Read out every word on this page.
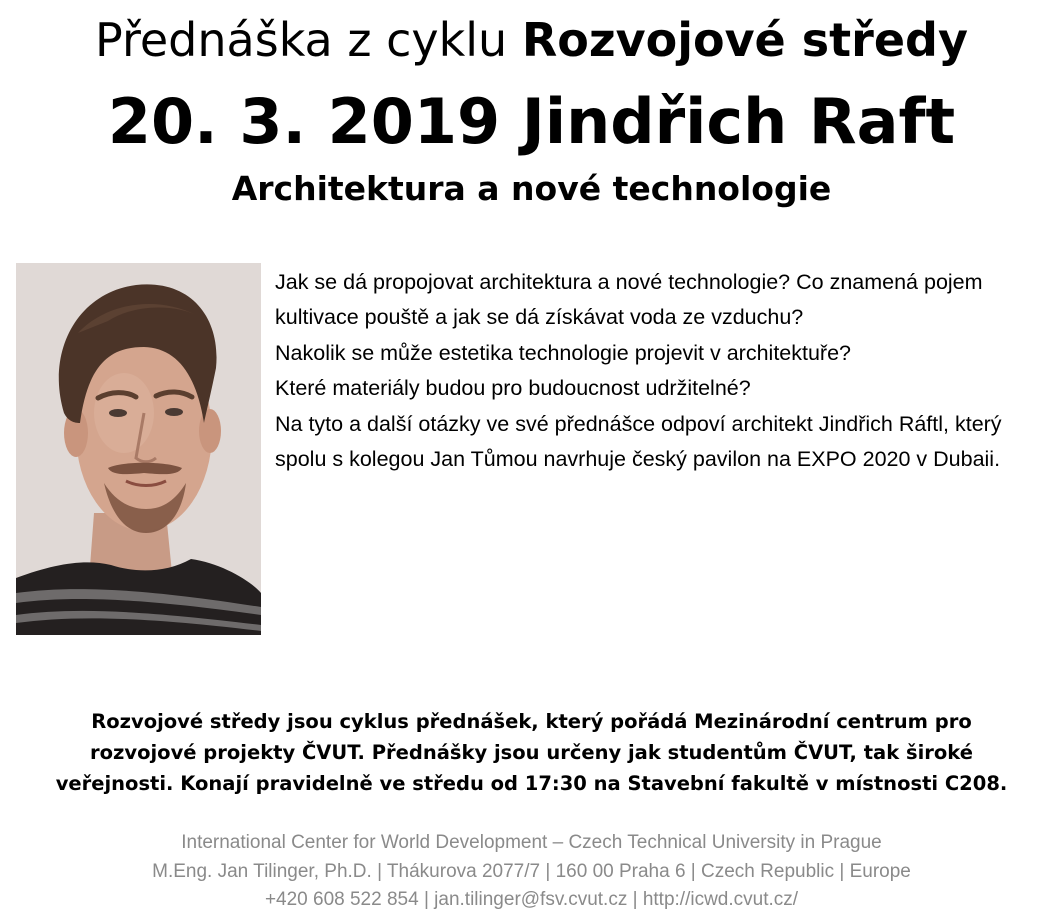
Přednáška z cyklu Rozvojové středy
20. 3. 2019 Jindřich Raft
Architektura a nové technologie

Jak se dá propojovat architektura a nové technologie? Co znamená pojem kultivace pouště a jak se dá získávat voda ze vzduchu?

Nakolik se může estetika technologie projevit v architektuře?

Které materiály budou pro budoucnost udržitelné?

Na tyto a další otázky ve své přednášce odpoví architekt Jindřich Ráftl, který spolu s kolegou Jan Tůmou navrhuje český pavilon na EXPO 2020 v Dubaii.

Rozvojové středy jsou cyklus přednášek, který pořádá Mezinárodní centrum pro

rozvojové projekty ČVUT. Přednášky jsou určeny jak studentům ČVUT, tak široké

veřejnosti. Konají pravidelně ve středu od 17:30 na Stavební fakultě v místnosti C208.

International Center for World Development – Czech Technical University in Prague

M.Eng. Jan Tilinger, Ph.D. | Thákurova 2077/7 | 160 00 Praha 6 | Czech Republic | Europe

+420 608 522 854 | jan.tilinger@fsv.cvut.cz | http://icwd.cvut.cz/
